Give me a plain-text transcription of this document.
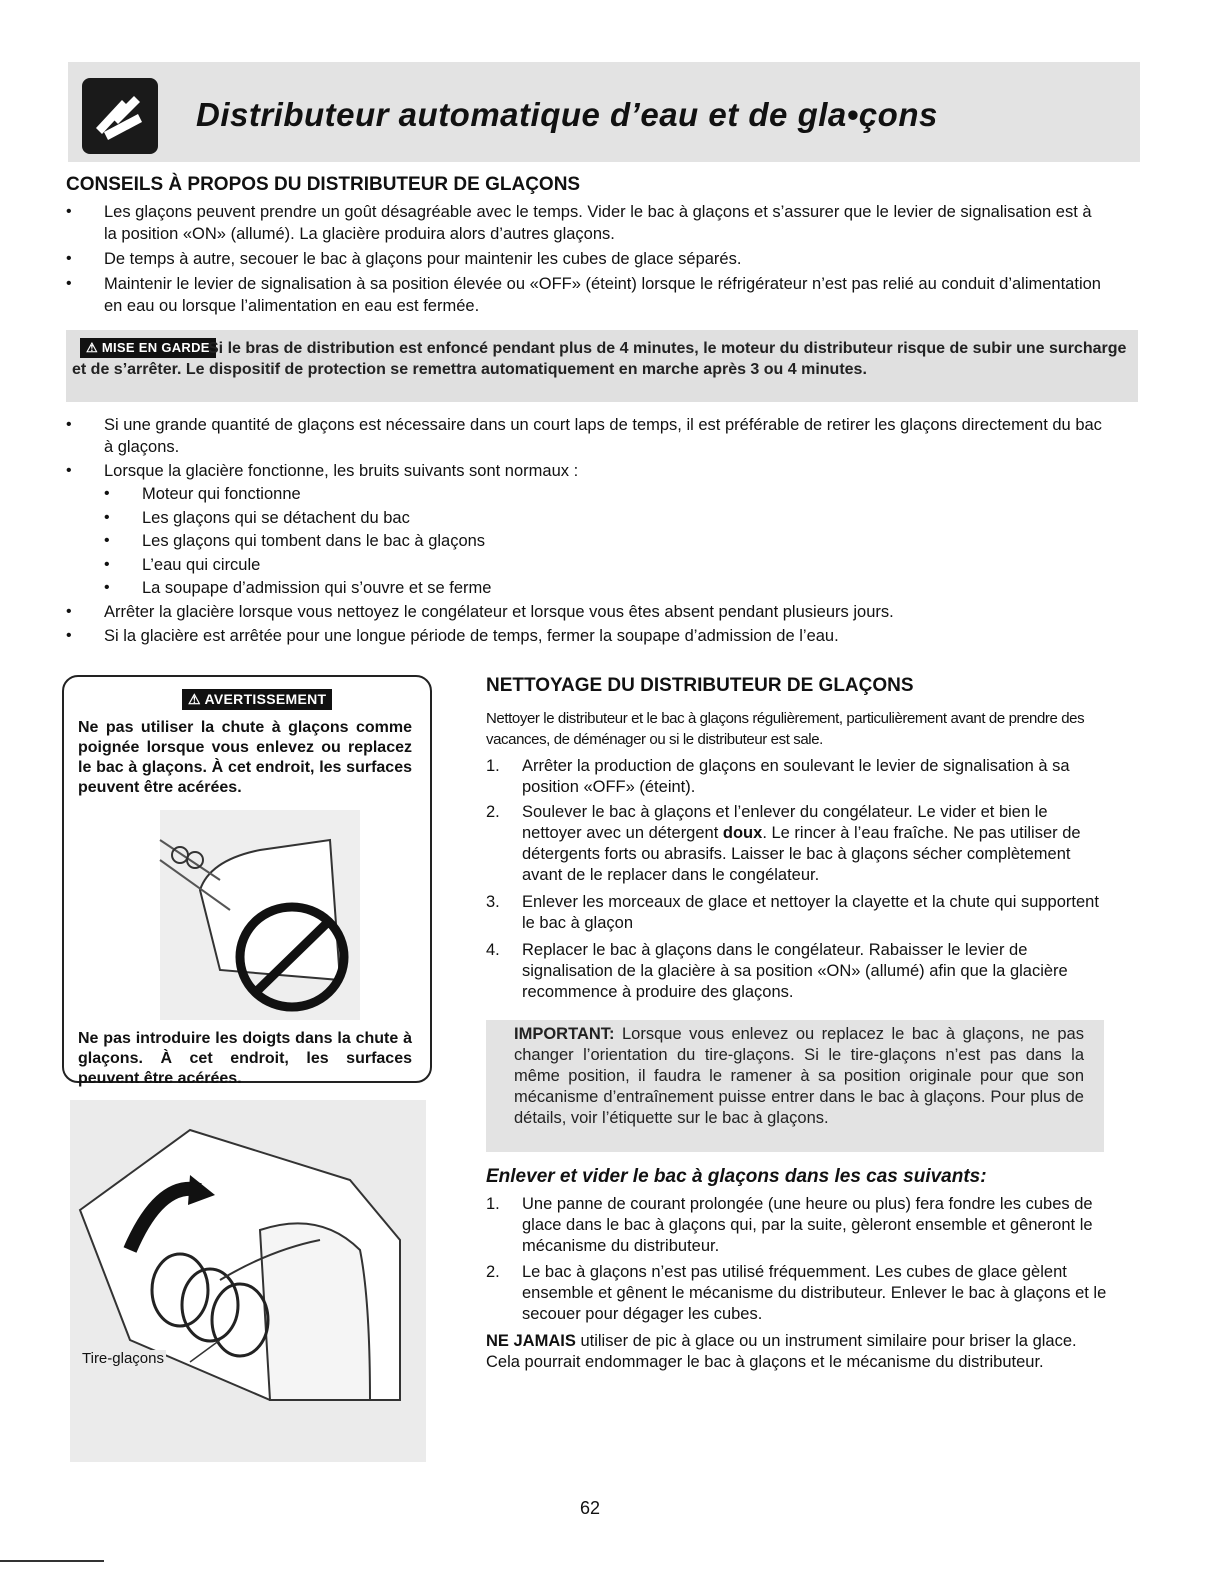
Distributeur automatique d’eau et de gla•çons
CONSEILS À PROPOS DU DISTRIBUTEUR DE GLAÇONS
• Les glaçons peuvent prendre un goût désagréable avec le temps. Vider le bac à glaçons et s’assurer que le levier de signalisation est à la position «ON» (allumé). La glacière produira alors d’autres glaçons.
• De temps à autre, secouer le bac à glaçons pour maintenir les cubes de glace séparés.
• Maintenir le levier de signalisation à sa position élevée ou «OFF» (éteint) lorsque le réfrigérateur n’est pas relié au conduit d’alimentation en eau ou lorsque l’alimentation en eau est fermée.
⚠ MISE EN GARDE
Si le bras de distribution est enfoncé pendant plus de 4 minutes, le moteur du distributeur risque de subir une surcharge et de s’arrêter. Le dispositif de protection se remettra automatiquement en marche après 3 ou 4 minutes.
• Si une grande quantité de glaçons est nécessaire dans un court laps de temps, il est préférable de retirer les glaçons directement du bac à glaçons.
• Lorsque la glacière fonctionne, les bruits suivants sont normaux :
• Moteur qui fonctionne
• Les glaçons qui se détachent du bac
• Les glaçons qui tombent dans le bac à glaçons
• L’eau qui circule
• La soupape d’admission qui s’ouvre et se ferme
• Arrêter la glacière lorsque vous nettoyez le congélateur et lorsque vous êtes absent pendant plusieurs jours.
• Si la glacière est arrêtée pour une longue période de temps, fermer la soupape d’admission de l’eau.
⚠ AVERTISSEMENT
Ne pas utiliser la chute à glaçons comme poignée lorsque vous enlevez ou replacez le bac à glaçons. À cet endroit, les surfaces peuvent être acérées.
Ne pas introduire les doigts dans la chute à glaçons. À cet endroit, les surfaces peuvent être acérées.
Tire-glaçons
NETTOYAGE DU DISTRIBUTEUR DE GLAÇONS
Nettoyer le distributeur et le bac à glaçons régulièrement, particulièrement avant de prendre des vacances, de déménager ou si le distributeur est sale.
1. Arrêter la production de glaçons en soulevant le levier de signalisation à sa position «OFF» (éteint).
2. Soulever le bac à glaçons et l’enlever du congélateur. Le vider et bien le nettoyer avec un détergent doux. Le rincer à l’eau fraîche. Ne pas utiliser de détergents forts ou abrasifs. Laisser le bac à glaçons sécher complètement avant de le replacer dans le congélateur.
3. Enlever les morceaux de glace et nettoyer la clayette et la chute qui supportent le bac à glaçon
4. Replacer le bac à glaçons dans le congélateur. Rabaisser le levier de signalisation de la glacière à sa position «ON» (allumé) afin que la glacière recommence à produire des glaçons.
IMPORTANT: Lorsque vous enlevez ou replacez le bac à glaçons, ne pas changer l’orientation du tire-glaçons. Si le tire-glaçons n’est pas dans la même position, il faudra le ramener à sa position originale pour que son mécanisme d’entraînement puisse entrer dans le bac à glaçons. Pour plus de détails, voir l’étiquette sur le bac à glaçons.
Enlever et vider le bac à glaçons dans les cas suivants:
1. Une panne de courant prolongée (une heure ou plus) fera fondre les cubes de glace dans le bac à glaçons qui, par la suite, gèleront ensemble et gêneront le mécanisme du distributeur.
2. Le bac à glaçons n’est pas utilisé fréquemment. Les cubes de glace gèlent ensemble et gênent le mécanisme du distributeur. Enlever le bac à glaçons et le secouer pour dégager les cubes.
NE JAMAIS utiliser de pic à glace ou un instrument similaire pour briser la glace. Cela pourrait endommager le bac à glaçons et le mécanisme du distributeur.
62
